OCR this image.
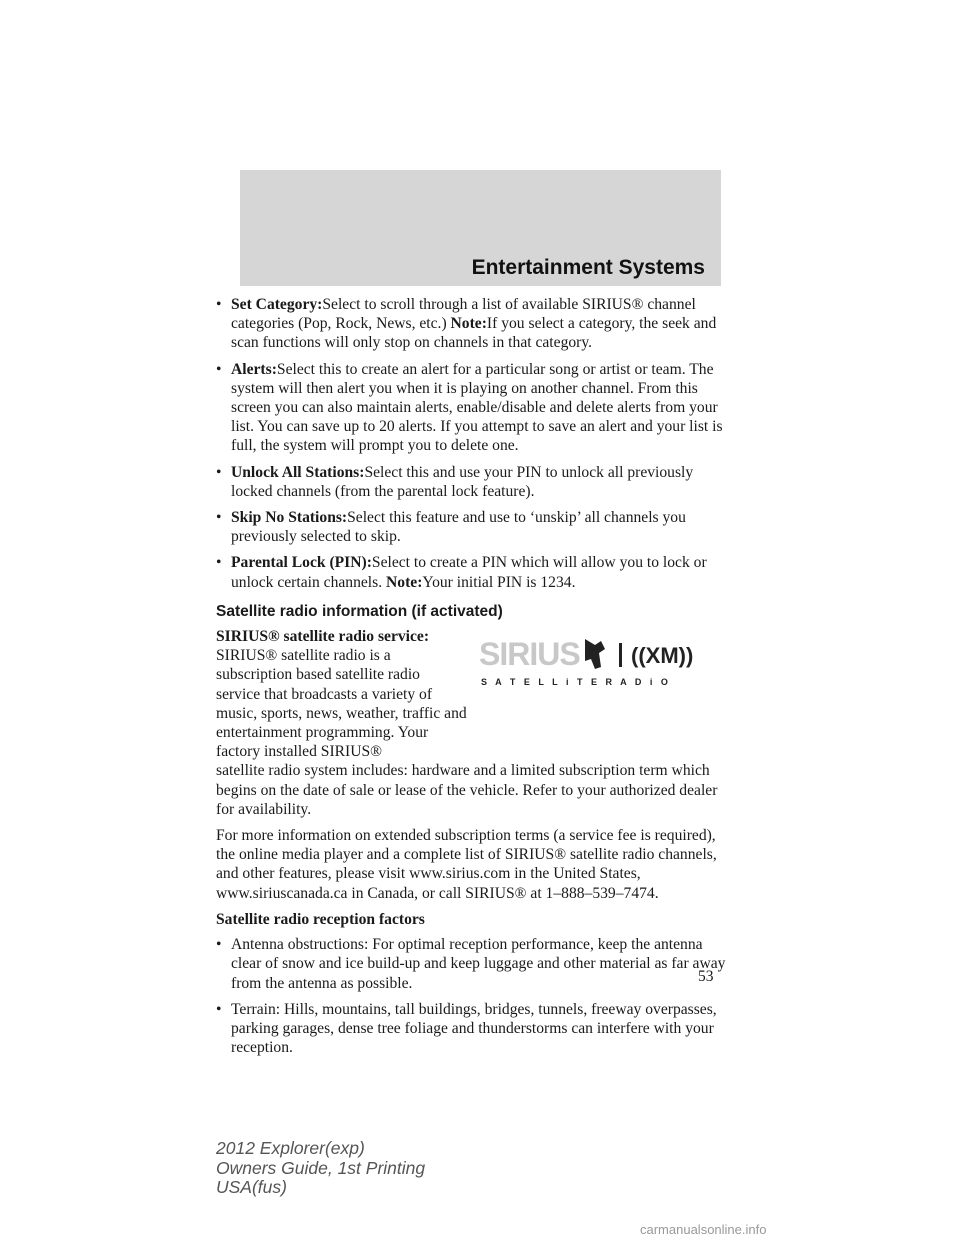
Entertainment Systems
• Set Category:Select to scroll through a list of available SIRIUS® channel categories (Pop, Rock, News, etc.) Note:If you select a category, the seek and scan functions will only stop on channels in that category.
• Alerts:Select this to create an alert for a particular song or artist or team. The system will then alert you when it is playing on another channel. From this screen you can also maintain alerts, enable/disable and delete alerts from your list. You can save up to 20 alerts. If you attempt to save an alert and your list is full, the system will prompt you to delete one.
• Unlock All Stations:Select this and use your PIN to unlock all previously locked channels (from the parental lock feature).
• Skip No Stations:Select this feature and use to ‘unskip’ all channels you previously selected to skip.
• Parental Lock (PIN):Select to create a PIN which will allow you to lock or unlock certain channels. Note:Your initial PIN is 1234.
Satellite radio information (if activated)
SIRIUS ((XM))
S A T E L L i T E R A D i O

SIRIUS® satellite radio service:
SIRIUS® satellite radio is a subscription based satellite radio service that broadcasts a variety of music, sports, news, weather, traffic and entertainment programming. Your factory installed SIRIUS®

satellite radio system includes: hardware and a limited subscription term which begins on the date of sale or lease of the vehicle. Refer to your authorized dealer for availability.

For more information on extended subscription terms (a service fee is required), the online media player and a complete list of SIRIUS® satellite radio channels, and other features, please visit www.sirius.com in the United States, www.siriuscanada.ca in Canada, or call SIRIUS® at 1–888–539–7474.

Satellite radio reception factors
• Antenna obstructions: For optimal reception performance, keep the antenna clear of snow and ice build-up and keep luggage and other material as far away from the antenna as possible.
• Terrain: Hills, mountains, tall buildings, bridges, tunnels, freeway overpasses, parking garages, dense tree foliage and thunderstorms can interfere with your reception.
53
2012 Explorer(exp)
Owners Guide, 1st Printing
USA(fus)
carmanualsonline.info
